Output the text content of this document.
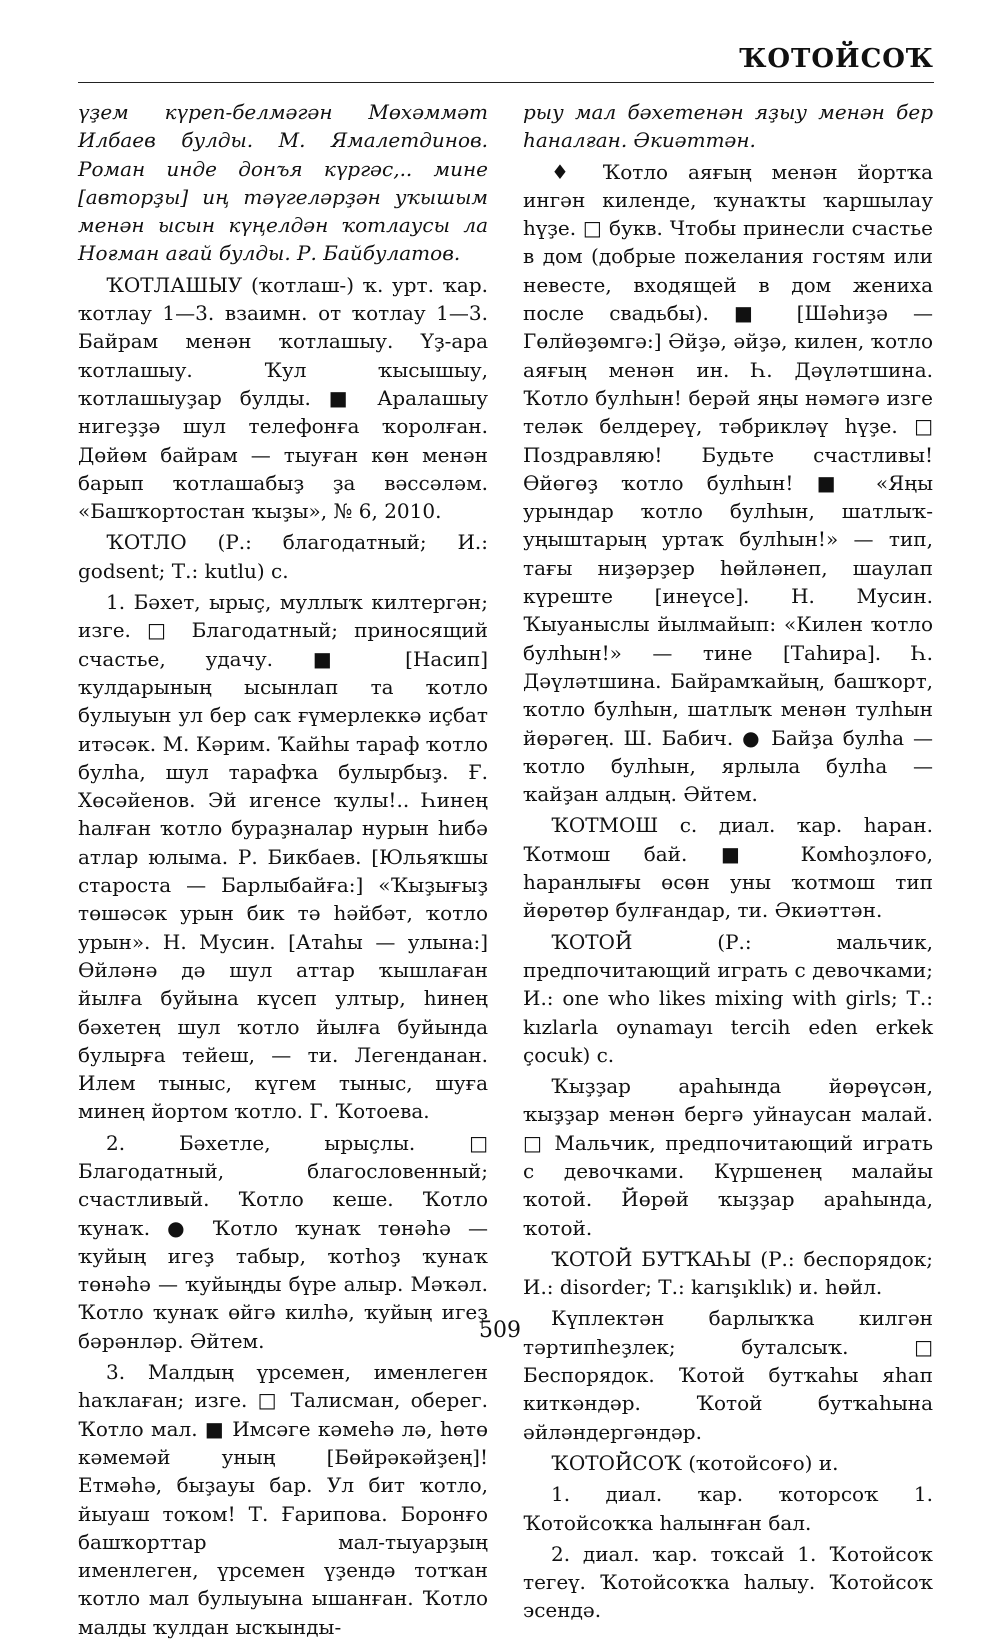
ҠОТОЙСОҠ

үҙем күреп-белмәгән Мөхәммәт Илбаев булды. М. Ямалетдинов. Роман инде донъя күргәс,.. мине [авторҙы] иң тәүгеләрҙән уҡышым менән ысын күңелдән ҡотлаусы ла Ноғман ағай булды. Р. Байбулатов.

ҠОТЛАШЫУ (ҡотлаш-) ҡ. урт. ҡар. ҡотлау 1—3. взаимн. от ҡотлау 1—3. Байрам менән ҡотлашыу. Үҙ-ара ҡотлашыу. Ҡул ҡысышыу, ҡотлашыуҙар булды. ■ Аралашыу нигеҙҙә шул телефонға ҡоролған. Дөйөм байрам — тыуған көн менән барып ҡотлашабыҙ ҙа вәссәләм. «Башҡортостан ҡыҙы», № 6, 2010.

ҠОТЛО (Р.: благодатный; И.: godsent; Т.: kutlu) с.

1. Бәхет, ырыҫ, муллыҡ килтергән; изге. □ Благодатный; приносящий счастье, удачу. ■ [Насип] ҡулдарының ысынлап та ҡотло булыуын ул бер саҡ ғүмерлеккә иҫбат итәсәк. М. Кәрим. Ҡайһы тараф ҡотло булһа, шул тарафҡа булырбыҙ. Ғ. Хөсәйенов. Эй игенсе ҡулы!.. Һинең һалған ҡотло бураҙналар нурын һибә атлар юлыма. Р. Бикбаев. [Юльяҡшы староста — Барлыбайға:] «Ҡыҙығыҙ төшәсәк урын бик тә һәйбәт, ҡотло урын». Н. Мусин. [Атаһы — улына:] Өйләнә дә шул аттар ҡышлаған йылға буйына күсеп ултыр, һинең бәхетең шул ҡотло йылға буйында булырға тейеш, — ти. Легенданан. Илем тыныс, күгем тыныс, шуға минең йортом ҡотло. Г. Ҡотоева.

2. Бәхетле, ырыҫлы. □ Благодатный, благословенный; счастливый. Ҡотло кеше. Ҡотло ҡунаҡ. ● Ҡотло ҡунаҡ төнәһә — ҡуйың игеҙ табыр, ҡотһоҙ ҡунаҡ төнәһә — ҡуйыңды бүре алыр. Мәҡәл. Ҡотло ҡунаҡ өйгә килһә, ҡуйың игеҙ бәрәнләр. Әйтем.

3. Малдың үрсемен, именлеген һаҡлаған; изге. □ Талисман, оберег. Ҡотло мал. ■ Имсәге кәмеһә лә, һөтө кәмемәй уның [Бөйрәкәйҙең]! Етмәһә, быҙауы бар. Ул бит ҡотло, йыуаш тоҡом! Т. Ғарипова. Боронғо башҡорттар мал-тыуарҙың именлеген, үрсемен үҙендә тотҡан ҡотло мал булыуына ышанған. Ҡотло малды ҡулдан ысҡынды-

рыу мал бәхетенән яҙыу менән бер һаналған. Әкиәттән.

♦ Ҡотло аяғың менән йортҡа ингән киленде, ҡунаҡты ҡаршылау һүҙе. □ букв. Чтобы принесли счастье в дом (добрые пожелания гостям или невесте, входящей в дом жениха после свадьбы). ■ [Шәһиҙә — Гөлйөҙөмгә:] Әйҙә, әйҙә, килен, ҡотло аяғың менән ин. Һ. Дәүләтшина. Ҡотло булһын! берәй яңы нәмәгә изге теләк белдереү, тәбрикләү һүҙе. □ Поздравляю! Будьте счастливы! Өйөгөҙ ҡотло булһын! ■ «Яңы урындар ҡотло булһын, шатлыҡ-уңыштарың уртаҡ булһын!» — тип, тағы ниҙәрҙер һөйләнеп, шаулап күреште [инеүсе]. Н. Мусин. Ҡыуаныслы йылмайып: «Килен ҡотло булһын!» — тине [Таһира]. Һ. Дәүләтшина. Байрамҡайың, башҡорт, ҡотло булһын, шатлыҡ менән тулһын йөрәгең. Ш. Бабич. ● Байҙа булһа — ҡотло булһын, ярлыла булһа — ҡайҙан алдың. Әйтем.

ҠОТМОШ с. диал. ҡар. һаран. Ҡотмош бай. ■ Комһоҙлоғо, һаранлығы өсөн уны ҡотмош тип йөрөтөр булғандар, ти. Әкиәттән.

ҠОТОЙ (Р.: мальчик, предпочитающий играть с девочками; И.: one who likes mixing with girls; Т.: kızlarla oynamayı tercih eden erkek çocuk) с.

Ҡыҙҙар араһында йөрөүсән, ҡыҙҙар менән бергә уйнаусан малай. □ Мальчик, предпочитающий играть с девочками. Күршенең малайы ҡотой. Йөрөй ҡыҙҙар араһында, ҡотой.

ҠОТОЙ БУТҠАҺЫ (Р.: беспорядок; И.: disorder; Т.: karışıklık) и. һөйл.

Күплектән барлыҡҡа килгән тәртипһеҙлек; буталсыҡ. □ Беспорядок. Ҡотой бутҡаһы яһап киткәндәр. Ҡотой бутҡаһына әйләндергәндәр.

ҠОТОЙСОҠ (ҡотойсоғо) и.

1. диал. ҡар. ҡоторсоҡ 1. Ҡотойсоҡҡа һалынған бал.

2. диал. ҡар. тоҡсай 1. Ҡотойсоҡ тегеү. Ҡотойсоҡҡа һалыу. Ҡотойсоҡ эсендә.

509
